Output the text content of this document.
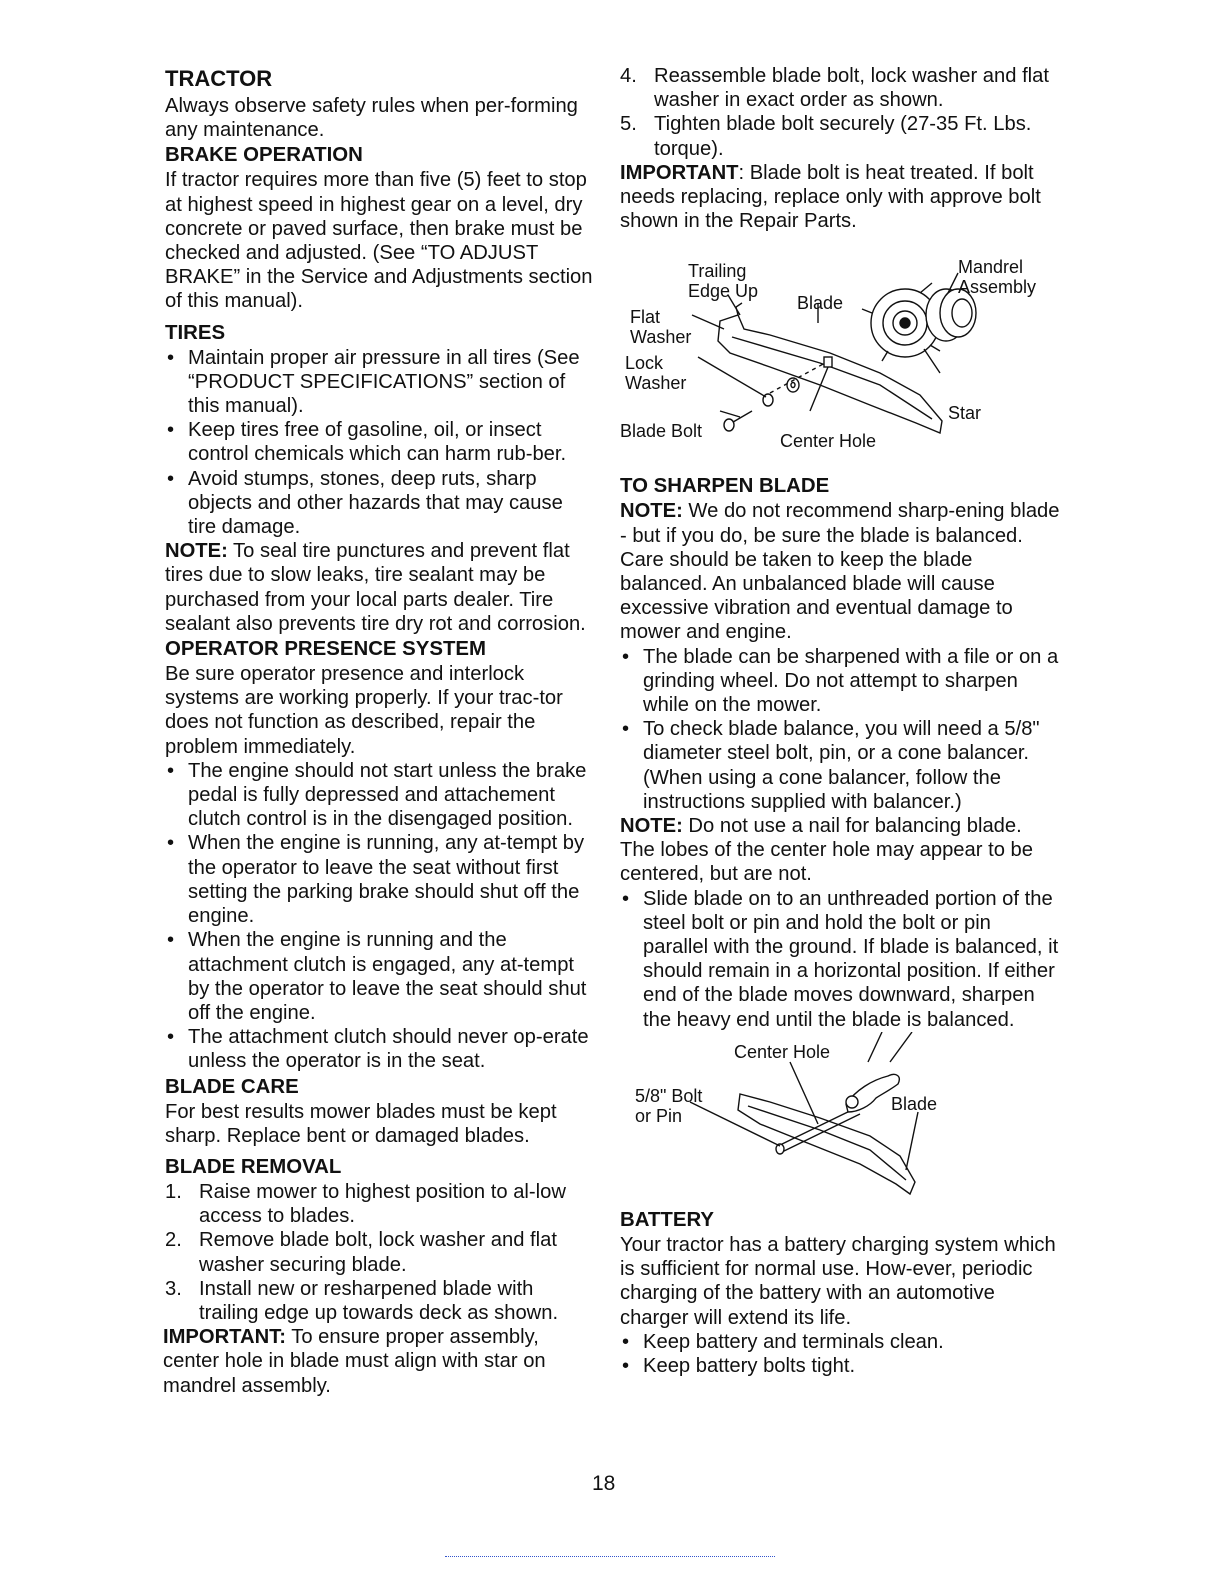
TRACTOR

Always observe safety rules when per-forming any maintenance.

BRAKE OPERATION

If tractor requires more than five (5) feet to stop at highest speed in highest gear on a level, dry concrete or paved surface, then brake must be checked and adjusted. (See “TO ADJUST BRAKE” in the Service and Adjustments section of this manual).

TIRES
• Maintain proper air pressure in all tires (See “PRODUCT SPECIFICATIONS” section of this manual).
• Keep tires free of gasoline, oil, or insect control chemicals which can harm rub-ber.
• Avoid stumps, stones, deep ruts, sharp objects and other hazards that may cause tire damage.

NOTE: To seal tire punctures and prevent flat tires due to slow leaks, tire sealant may be purchased from your local parts dealer. Tire sealant also prevents tire dry rot and corrosion.

OPERATOR PRESENCE SYSTEM

Be sure operator presence and interlock systems are working properly. If your trac-tor does not function as described, repair the problem immediately.

• The engine should not start unless the brake pedal is fully depressed and attachement clutch control is in the disengaged position.
• When the engine is running, any at-tempt by the operator to leave the seat without first setting the parking brake should shut off the engine.
• When the engine is running and the attachment clutch is engaged, any at-tempt by the operator to leave the seat should shut off the engine.
• The attachment clutch should never op-erate unless the operator is in the seat.
BLADE CARE

For best results mower blades must be kept sharp. Replace bent or damaged blades.

BLADE REMOVAL
1. Raise mower to highest position to al-low access to blades.
2. Remove blade bolt, lock washer and flat washer securing blade.
3. Install new or resharpened blade with trailing edge up towards deck as shown.

IMPORTANT: To ensure proper assembly, center hole in blade must align with star on mandrel assembly.

4. Reassemble blade bolt, lock washer and flat washer in exact order as shown.
5. Tighten blade bolt securely (27-35 Ft. Lbs. torque).

IMPORTANT: Blade bolt is heat treated. If bolt needs replacing, replace only with approve bolt shown in the Repair Parts.

Trailing
Edge Up
Blade
Mandrel
Assembly
Flat
Washer
Lock
Washer
Star
Blade Bolt	Center Hole
TO SHARPEN BLADE

NOTE: We do not recommend sharp-ening blade - but if you do, be sure the blade is balanced.

Care should be taken to keep the blade balanced. An unbalanced blade will cause excessive vibration and eventual damage to mower and engine.

• The blade can be sharpened with a file or on a grinding wheel. Do not attempt to sharpen while on the mower.
• To check blade balance, you will need a 5/8" diameter steel bolt, pin, or a cone balancer. (When using a cone balancer, follow the instructions supplied with balancer.)

NOTE: Do not use a nail for balancing blade. The lobes of the center hole may appear to be centered, but are not.

• Slide blade on to an unthreaded portion of the steel bolt or pin and hold the bolt or pin parallel with the ground. If blade is balanced, it should remain in a horizontal position. If either end of the blade moves downward, sharpen the heavy end until the blade is balanced.
Center Hole
5/8" Bolt
or Pin
Blade
BATTERY

Your tractor has a battery charging system which is sufficient for normal use. How-ever, periodic charging of the battery with an automotive charger will extend its life.

• Keep battery and terminals clean.
• Keep battery bolts tight.
18
